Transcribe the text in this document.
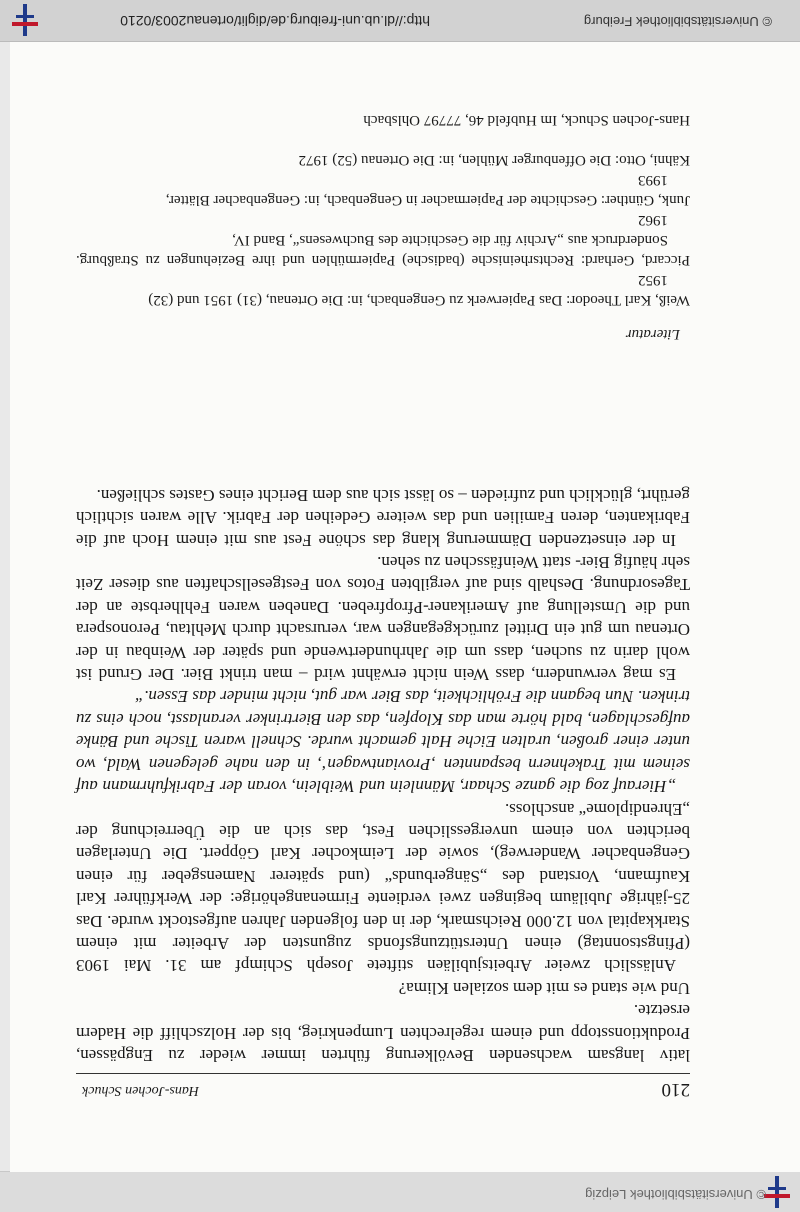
© Universitätsbibliothek Leipzig
210
Hans-Jochen Schuck

lativ langsam wachsenden Bevölkerung führten immer wieder zu Engpässen, Produktionsstopp und einem regelrechten Lumpenkrieg, bis der Holzschliff die Hadern ersetzte.

Und wie stand es mit dem sozialen Klima?

Anlässlich zweier Arbeitsjubiläen stiftete Joseph Schimpf am 31. Mai 1903 (Pfingstsonntag) einen Unterstützungsfonds zugunsten der Arbeiter mit einem Starkkapital von 12.000 Reichsmark, der in den folgenden Jahren aufgestockt wurde. Das 25-jährige Jubiläum begingen zwei verdiente Firmenangehörige: der Werkführer Karl Kaufmann, Vorstand des „Sängerbunds“ (und späterer Namensgeber für einen Gengenbacher Wanderweg), sowie der Leimkocher Karl Göppert. Die Unterlagen berichten von einem unvergesslichen Fest, das sich an die Überreichung der „Ehrendiplome“ anschloss.

„Hierauf zog die ganze Schaar, Männlein und Weiblein, voran der Fabrikfuhrmann auf seinem mit Trakehnern bespannten ‚Proviantwagen‘, in den nahe gelegenen Wald, wo unter einer großen, uralten Eiche Halt gemacht wurde. Schnell waren Tische und Bänke aufgeschlagen, bald hörte man das Klopfen, das den Biertrinker veranlasst, noch eins zu trinken. Nun begann die Fröhlichkeit, das Bier war gut, nicht minder das Essen.“

Es mag verwundern, dass Wein nicht erwähnt wird – man trinkt Bier. Der Grund ist wohl darin zu suchen, dass um die Jahrhundertwende und später der Weinbau in der Ortenau um gut ein Drittel zurückgegangen war, verursacht durch Mehltau, Peronospera und die Umstellung auf Amerikaner-Pfropfreben. Daneben waren Fehlherbste an der Tagesordnung. Deshalb sind auf vergilbten Fotos von Festgesellschaften aus dieser Zeit sehr häufig Bier- statt Weinfässchen zu sehen.

In der einsetzenden Dämmerung klang das schöne Fest aus mit einem Hoch auf die Fabrikanten, deren Familien und das weitere Gedeihen der Fabrik. Alle waren sichtlich gerührt, glücklich und zufrieden – so lässt sich aus dem Bericht eines Gastes schließen.

Literatur
Weiß, Karl Theodor: Das Papierwerk zu Gengenbach, in: Die Ortenau, (31) 1951 und (32)
1952
Piccard, Gerhard: Rechtsrheinische (badische) Papiermühlen und ihre Beziehungen zu Straßburg. Sonderdruck aus „Archiv für die Geschichte des Buchwesens“, Band IV,
1962
Junk, Günther: Geschichte der Papiermacher in Gengenbach, in: Gengenbacher Blätter,
1993
Kähni, Otto: Die Offenburger Mühlen, in: Die Ortenau (52) 1972
Hans-Jochen Schuck, Im Hubfeld 46, 77797 Ohlsbach
© Universitätsbibliothek Freiburg
http://dl.ub.uni-freiburg.de/diglit/ortenau2003/0210
